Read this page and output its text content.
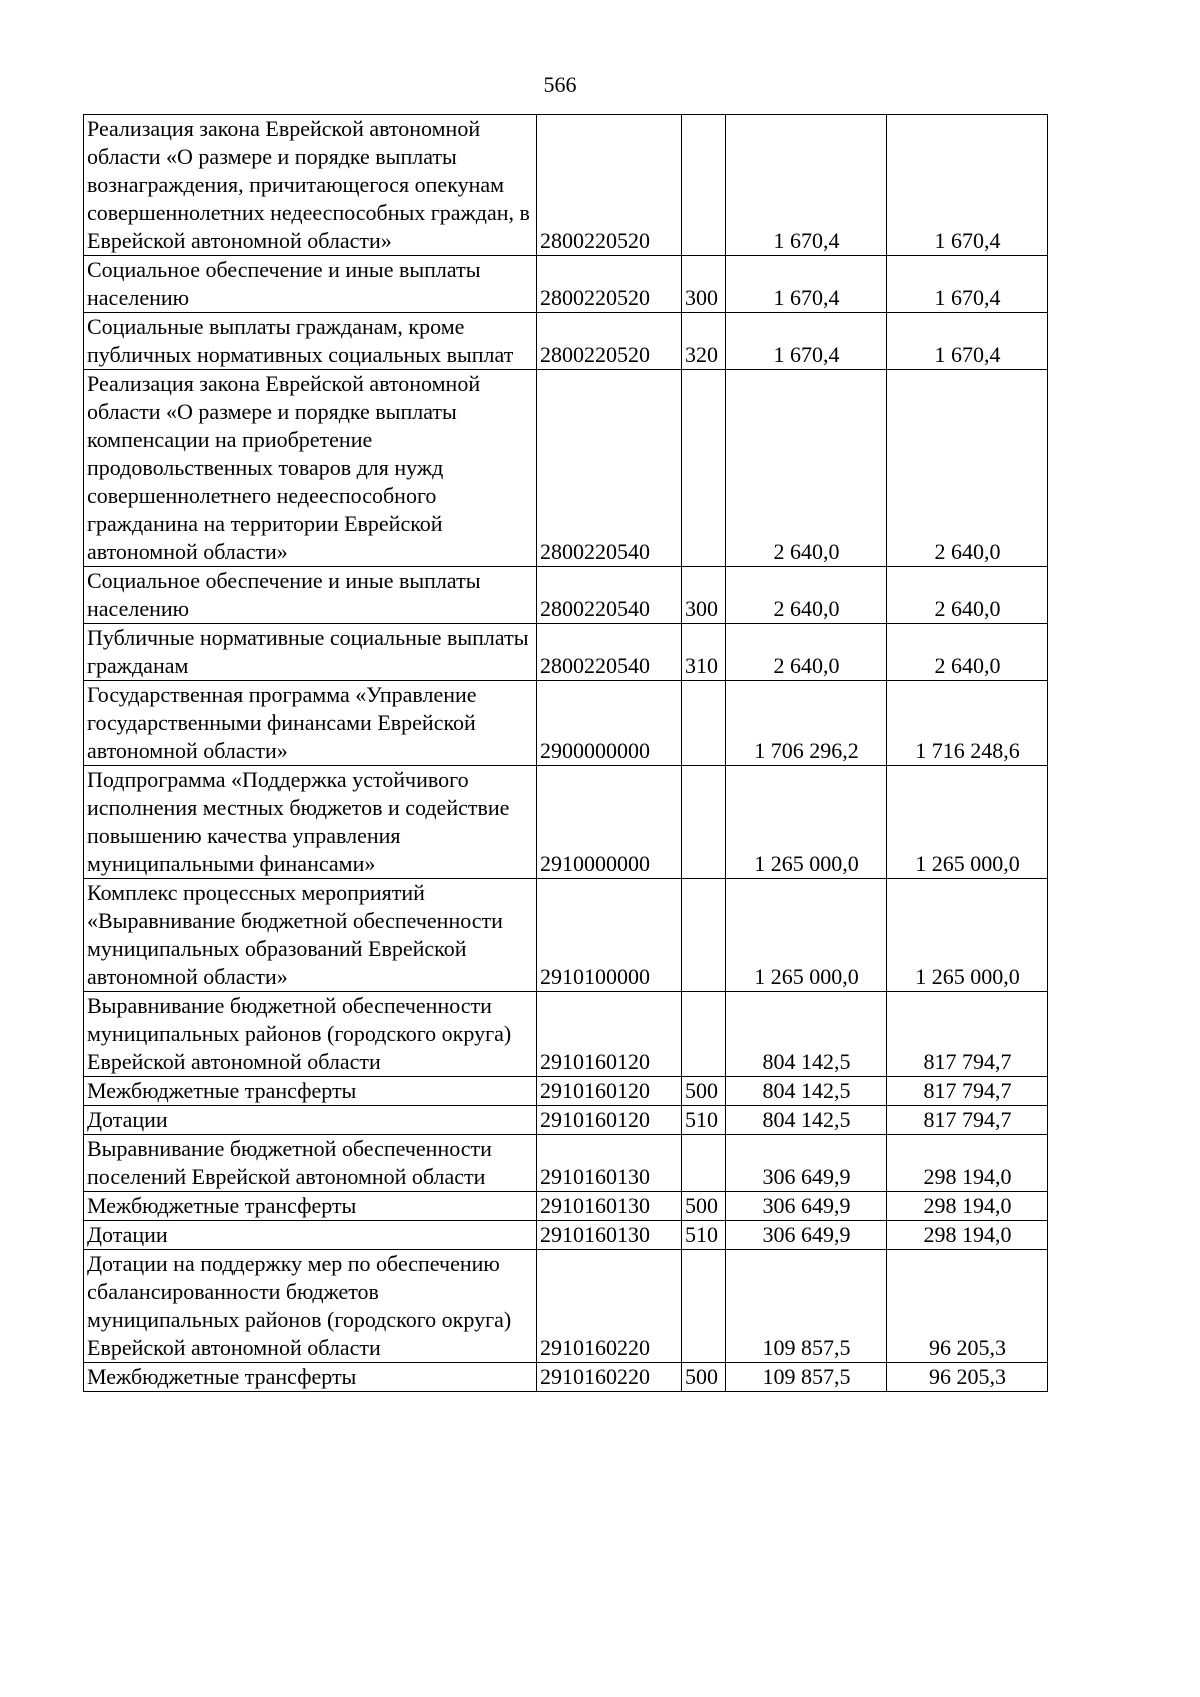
566
Реализация закона Еврейской автономной области «О размере и порядке выплаты вознаграждения, причитающегося опекунам совершеннолетних недееспособных граждан, в Еврейской автономной области»	2800220520		1 670,4	1 670,4
Социальное обеспечение и иные выплаты населению	2800220520	300	1 670,4	1 670,4
Социальные выплаты гражданам, кроме публичных нормативных социальных выплат	2800220520	320	1 670,4	1 670,4
Реализация закона Еврейской автономной области «О размере и порядке выплаты компенсации на приобретение продовольственных товаров для нужд совершеннолетнего недееспособного гражданина на территории Еврейской автономной области»	2800220540		2 640,0	2 640,0
Социальное обеспечение и иные выплаты населению	2800220540	300	2 640,0	2 640,0
Публичные нормативные социальные выплаты гражданам	2800220540	310	2 640,0	2 640,0
Государственная программа «Управление государственными финансами Еврейской автономной области»	2900000000		1 706 296,2	1 716 248,6
Подпрограмма «Поддержка устойчивого исполнения местных бюджетов и содействие повышению качества управления муниципальными финансами»	2910000000		1 265 000,0	1 265 000,0
Комплекс процессных мероприятий «Выравнивание бюджетной обеспеченности муниципальных образований Еврейской автономной области»	2910100000		1 265 000,0	1 265 000,0
Выравнивание бюджетной обеспеченности муниципальных районов (городского округа) Еврейской автономной области	2910160120		804 142,5	817 794,7
Межбюджетные трансферты	2910160120	500	804 142,5	817 794,7
Дотации	2910160120	510	804 142,5	817 794,7
Выравнивание бюджетной обеспеченности поселений Еврейской автономной области	2910160130		306 649,9	298 194,0
Межбюджетные трансферты	2910160130	500	306 649,9	298 194,0
Дотации	2910160130	510	306 649,9	298 194,0
Дотации на поддержку мер по обеспечению сбалансированности бюджетов муниципальных районов (городского округа) Еврейской автономной области	2910160220		109 857,5	96 205,3
Межбюджетные трансферты	2910160220	500	109 857,5	96 205,3
